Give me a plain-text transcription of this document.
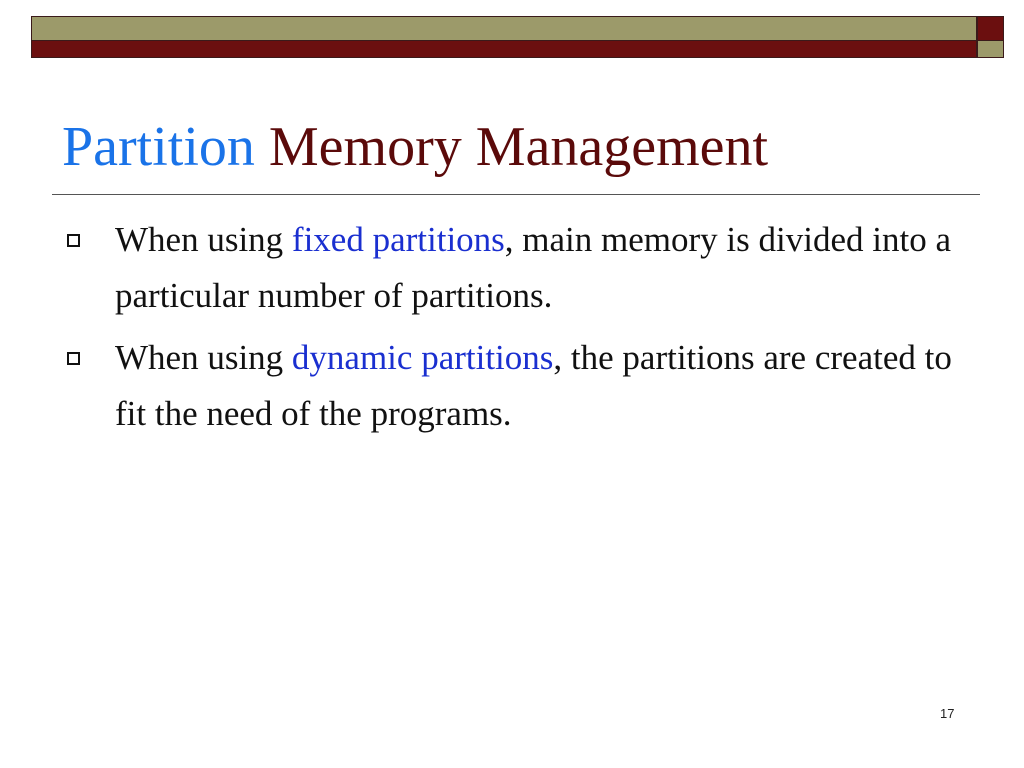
Partition Memory Management
When using fixed partitions, main memory is divided into a particular number of partitions.
When using dynamic partitions, the partitions are created to fit the need of the programs.
17
